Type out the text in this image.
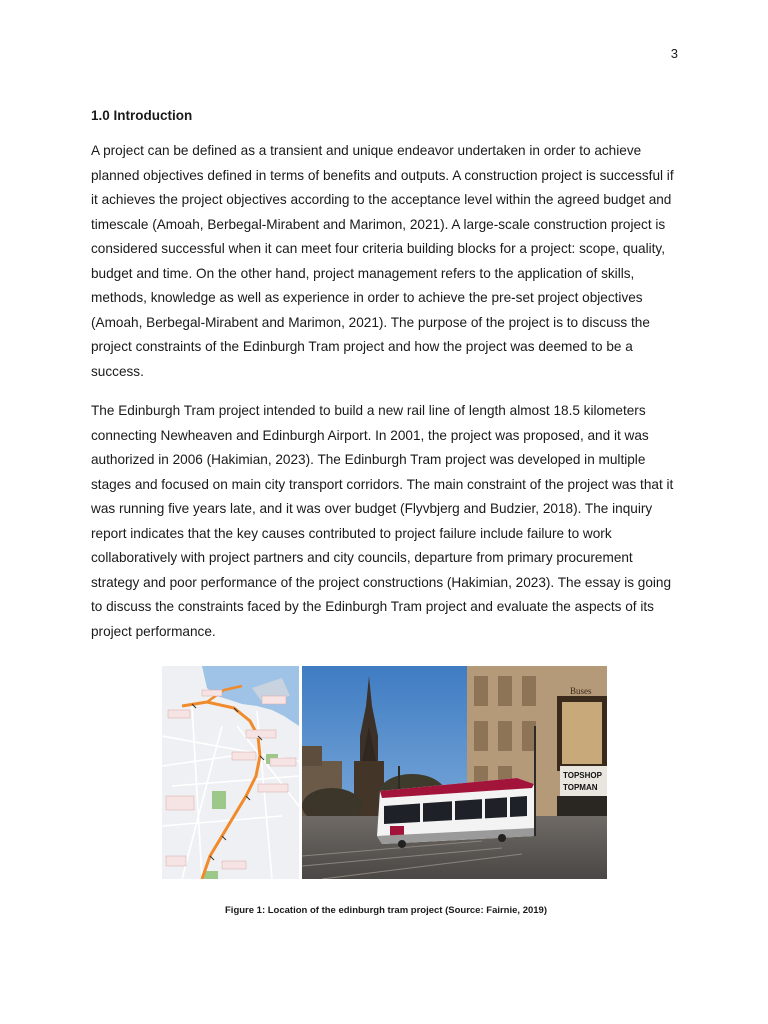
3
1.0 Introduction

A project can be defined as a transient and unique endeavor undertaken in order to achieve planned objectives defined in terms of benefits and outputs. A construction project is successful if it achieves the project objectives according to the acceptance level within the agreed budget and timescale (Amoah, Berbegal-Mirabent and Marimon, 2021). A large-scale construction project is considered successful when it can meet four criteria building blocks for a project: scope, quality, budget and time. On the other hand, project management refers to the application of skills, methods, knowledge as well as experience in order to achieve the pre-set project objectives (Amoah, Berbegal-Mirabent and Marimon, 2021). The purpose of the project is to discuss the project constraints of the Edinburgh Tram project and how the project was deemed to be a success.

The Edinburgh Tram project intended to build a new rail line of length almost 18.5 kilometers connecting Newheaven and Edinburgh Airport. In 2001, the project was proposed, and it was authorized in 2006 (Hakimian, 2023). The Edinburgh Tram project was developed in multiple stages and focused on main city transport corridors. The main constraint of the project was that it was running five years late, and it was over budget (Flyvbjerg and Budzier, 2018). The inquiry report indicates that the key causes contributed to project failure include failure to work collaboratively with project partners and city councils, departure from primary procurement strategy and poor performance of the project constructions (Hakimian, 2023). The essay is going to discuss the constraints faced by the Edinburgh Tram project and evaluate the aspects of its project performance.

Buses
TOPSHOP
TOPMAN
Figure 1: Location of the edinburgh tram project (Source: Fairnie, 2019)
